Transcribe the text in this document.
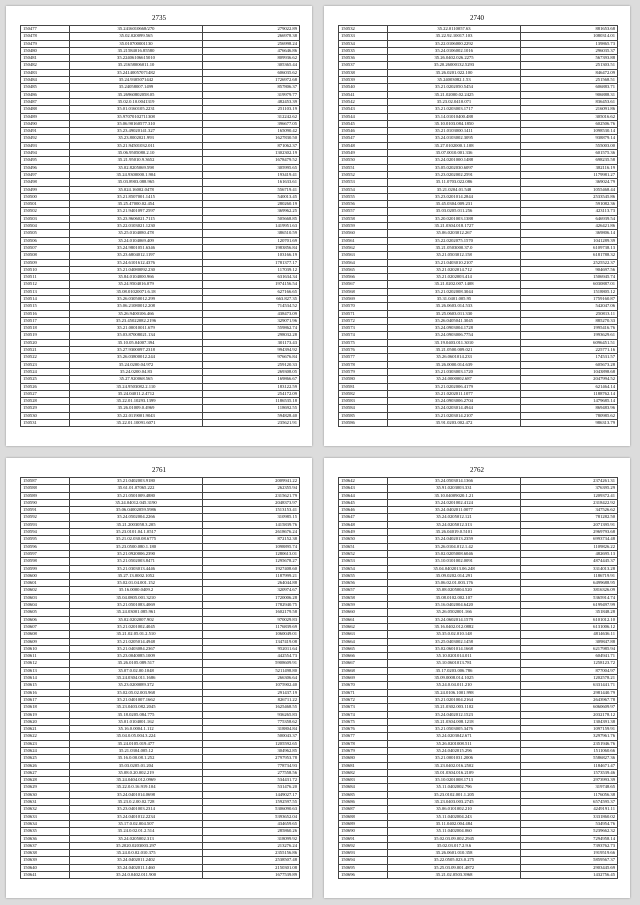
2735
150477	35.2416010668/270	279022.89
150478	35.02.020099.565	266978.38
150479	35.010700001130	256998.24
150480	35.21584016.85580	476646.86
150481	35.22406106615010	809936.62
150482	35.21658006011.10	305365.44
150483	35.24140057071482	606035.62
150484	35.24.9305071442	1726972.68
150485	35.24058007.1499	857806.37
150486	35.26960802058.05	319979.77
150487	35.02.0.10.0041319	482453.39
150488	35.01.0160105.2231	251103.19
150489	35.97070102711308	312242.62
150490	35.06.90160577.310	396677.05
150491	35.23.49020141.327	165090.42
150492	35.23.8002021.993	1627830.50
150493	35.21.94501032.011	871062.37
150494	35.06.9505080.2.10	1302302.19
150495	35.21.95010.9.3652	1678479.52
150496	35.02.8205069.598	305995.65
150497	35.24.9300000.1.904	193419.41
150498	35.03.8903.088.965	161633.61
150499	35.024.16002.0478	556719.41
150500	35.21.8507001.1415	540013.45
150501	35.25.47000.02.454	280260.19
150502	35.21.9401097.2597	369962.25
150503	35.23.9606021.7115	505668.85
150504	35.22.0103021.1230	1419951.63
150505	35.25.0104080.478	386510.59
150506	35.24.0104069.409	120701.69
150507	35.24.9801051.6346	1983856.84
150508	35.23.6804012.1197	103166.19
150509	35.24.6101612.4376	1781377.17
150510	35.21.04080092.230	117039.12
150511	35.84.0104000.966	631634.34
150512	35.24.9504016.079	1974156.54
150513	35.08.01020071.6.18	627166.65
150514	35.26.03050012.299	663.827.35
150515	35.06.21080012.208	714534.52
150516	35.26.9400106.466	438473.09
150517	35.23.45022082.2196	329071.96
150518	35.21.00010011.679	559862.74
150519	35.03.87008021.134	298032.28
150520	35.10.05.04007.394	301173.43
150521	35.27.9300097.2318	994394.92
150522	35.26.03800012.244	976676.84
150523	35.24.0200.04.972	259120.33
150524	35.24.0200.04.83	269308.05
150525	35.27.920068.565	169866.67
150526	35.24.9503082.2.110	183122.59
150527	35.24.04011.2.4712	254172.09
150528	35.22.01.10293.1399	1186535.18
150529	35.26.01009.0.4969	118692.55
150530	35.22.0119001.9043	594828.40
150531	35.22.01.10091.6071	235621.91
2740
150532	35.22.0110057.63	881653.68
150533	35.22.92.10017.103	1080314.01
150534	35.22.0106000.2292	139865.73
150535	35.24.0106002.1016	296035.37
150536	35.26.0402.026.2275	567393.88
150537	35.20.26000132.5293	251303.51
150538	35.26.0201.022.100	846472.09
150539	35.24003082.1.53	251568.51
150540	35.21.0202050.5454	606883.71
150541	35.21.02000.02.2425	906888.31
150542	35.23.02.0410.071	836453.61
150543	35.21.0203003.1717	216091.86
150544	35.14.01010400.488	305016.62
150545	35.10.0103.084.1850	602506.76
150546	35.21.0103000.1411	1098530.14
150547	35.24.0103002.3095	938879.14
150548	35.27.0102000.1.108	555003.00
150549	35.07.0010.001.336	601575.36
150550	35.24.0201000.1488	698235.58
150551	35.05.0202030.6097	382116.19
150552	35.23.0202002.2591	1179981.27
150553	35.11.0703.022.086	369024.79
150554	35.21.0204.01.548	1055468.44
150555	35.23.0201014.2844	2533545.86
150556	35.45.0304.009.231	591082.36
150557	35.03.0205.011.256	423113.73
150558	35.20.0201003.1388	646939.54
150559	35.21.0304.018.1727	426421.86
150560	35.06.0203012.267	369806.14
150561	35.22.0202075.1570	1041289.39
150562	35.21.0503000.37.0	6109738.13
150563	35.21.0503012.158	6181788.32
150564	35.21.0403010.2107	2525522.37
150565	35.21.0202014.712	904697.56
150566	35.21.0202003.414	1506945.74
150567	35.21.0202.007.1408	6030887.01
150568	35.21.0202008.3044	1518805.12
150569	35.31.0401.005.95	1759160.87
150570	35.26.0603.014.533	542047.06
150571	35.25.0603.011.330	250813.11
150572	35.26.0405041.3045	885270.33
150573	35.24.0903004.1728	1995416.76
150574	35.24.0903006.7754	1993629.61
150575	35.19.0403.011.3010	6096451.51
150576	35.21.0500.009.021	225771.16
150577	35.26.0601014.233	174531.57
150578	35.26.0000.014.639	605673.28
150579	35.21.0303003.1720	1043898.68
150580	35.24.0000002.687	2047994.52
150581	35.21.0202006.4179	621464.14
150582	35.21.0202011.1077	1188762.14
150583	35.24.0903006.2704	1479685.14
150584	35.24.0203014.4944	869483.96
150585	35.21.0203014.2107	780985.62
150586	35.91.0203.002.472	986313.79
2761
150587	35.21.0402003.9180	2009941.22
150588	35.61.01.07065.222	262355.94
150589	35.21.0501009.4880	2315621.79
150590	35.24.04012.045.3190	2048373.97
150591	35.06.04002059.5986	1513153.41
150592	35.24.0502004.2266	310985.15
150593	35.21.2003058.3.205	1415839.76
150594	35.23.0101.04.1.0517	2618676.24
150595	35.21.02.030.08.6775	872152.38
150596	35.23.0500.080.1.180	1098895.74
150597	35.21.0920006.2390	1280613.01
150598	35.21.0502003.8471	1295678.27
150599	35.21.0303013.4446	1927408.60
150600	35.27.13.0002.1052	1187999.21
150601	35.02.01.04.001.152	264044.88
150602	35.16.0000.0409.2	320974.67
150603	35.04.0805.001.3210	1720006.28
150604	35.21.0501083.4069	1782940.75
150605	35.24.03001.085.961	1602179.58
150606	35.02.0202007.902	970029.83
150607	35.21.0201002.4045	1176839.69
150608	35.21.02.05.01.2.510	1060049.01
150609	35.21.0205014.4948	1347419.08
150610	35.21.0403084.2367	952011.64
150611	35.23.0040085.1009	442554.73
150612	35.26.0105.089.517	5908609.91
150613	35.07.0.02.00.1048	5211498.80
150614	35.24.0304.011.1686	266306.64
150615	35.23.0200089.372	1075902.40
150616	35.02.05.02.003.968	291437.19
150617	35.21.0401007.1662	826711.22
150618	35.23.0403.082.2045	1625468.55
150619	35.18.0205.084.775	936265.83
150620	35.01.0104001.162	775358.62
150621	35.16.0.0004.1.112	318804.84
150622	35.04.0.05.004.3.224	500043.37
150623	35.24.0105.019.477	1205592.65
150624	35.21.0304.005.12	304962.85
150625	35.16.0.00.08.1.252	2797953.78
150626	35.03.0205.01.204	778734.93
150627	35.08.0.20.002.219	277558.56
150628	35.24.0404.012.0969	534431.72
150629	35.22.0.0.16.919.104	531476.20
150630	35.24.0401014.0698	1449027.17
150631	35.23.0.2.00.02.728	1592597.55
150632	35.23.0401003.2314	5306090.63
150633	35.24.0401012.2234	5393652.04
150634	35.17.0.02.004.507	434659.65
150635	35.24.0.02.01.2.514	285860.26
150636	35.24.0205002.313	318099.92
150637	35.2020.0203003.297	213276.24
150638	35.24.0.0.02.010.375	2355156.86
150639	35.24.0402011.2402	2538507.48
150640	35.24.0402011.1460	2150301.08
150641	35.24.0.0402.011.900	1677539.89
2762
150642	35.24.0503014.1366	2374261.31
150643	35.91.0203003.331	376395.29
150644	35.10.04009020.1.21	1209372.41
150645	35.24.0201002.4124	2318422.92
150646	35.24.0402011.0077	347526.62
150647	35.24.0205012.121	781282.50
150648	35.24.0205012.313	2071395.91
150649	35.26.04019.0.5101	2969793.68
150650	35.24.0402013.2359	6993734.48
150651	35.26.0104.012.1.42	1109826.22
150652	35.02.0205008.6046	482695.13
150653	35.10.0101002.0091	4874445.37
150654	35.04.0402013.06.248	3314013.28
150655	35.09.0202.014.291	1186719.91
150656	35.06.02.01.003.176	6499688.95
150657	35.08.0205004.520	3816326.09
150658	35.08.0102.002.107	5365914.74
150659	35.16.0402004.6420	6199497.99
150660	35.26.0502001.166	351848.28
150661	35.24.0602014.1579	6101012.10
150662	35.16.0402.012.0882	6131006.12
150663	35.35.0.02.010.148	4814636.11
150664	35.25.0403002.1458	309847.88
150665	35.02.0601014.1668	6217985.94
150666	35.10.0201014.011	604941.71
150667	35.10.0601013.781	1258123.72
150668	35.17.0203.006.786	877004.97
150669	35.09.0008.014.1025	1202578.21
150670	35.24.0.04.011.210	6331441.71
150671	35.24.0106.1001.998	2981440.79
150672	35.21.0201004.2164	2643967.78
150673	35.21.0302.003.1102	6060609.97
150674	35.24.0402012.1523	2032178.12
150675	35.21.0304.008.1218	1304391.38
150676	35.21.0503005.3476	1097159.91
150677	35.24.0203042.671	3297961.76
150678	35.26.0201008.511	2351946.76
150679	35.24.0402015.296	1511060.66
150680	35.21.0001031.2006	5586827.36
150681	35.23.0402.016.2502	1184671.47
150682	35.01.0304.016.2109	1573539.46
150683	35.10.0201008.1713	2973993.39
150684	35.11.0402002.796	319748.65
150685	35.23.0102.001.1.205	1176056.38
150686	35.23.0403.003.2745	6574595.37
150687	35.06.0101002.210	4249191.11
150688	35.11.0402004.243	3331860.02
150689	35.11.0402.004.484	534954.76
150690	35.11.0402004.060	5239662.32
150691	35.02.03.09.002.2945	7294958.14
150692	35.02.03.017.2.9.6	7393762.73
150693	35.26.0601.010.358	1919519.66
150694	35.22.0505.023.0.275	5859567.37
150695	35.25.03.09.001.4872	2903445.69
150696	35.21.02.0503.3968	1432756.45
